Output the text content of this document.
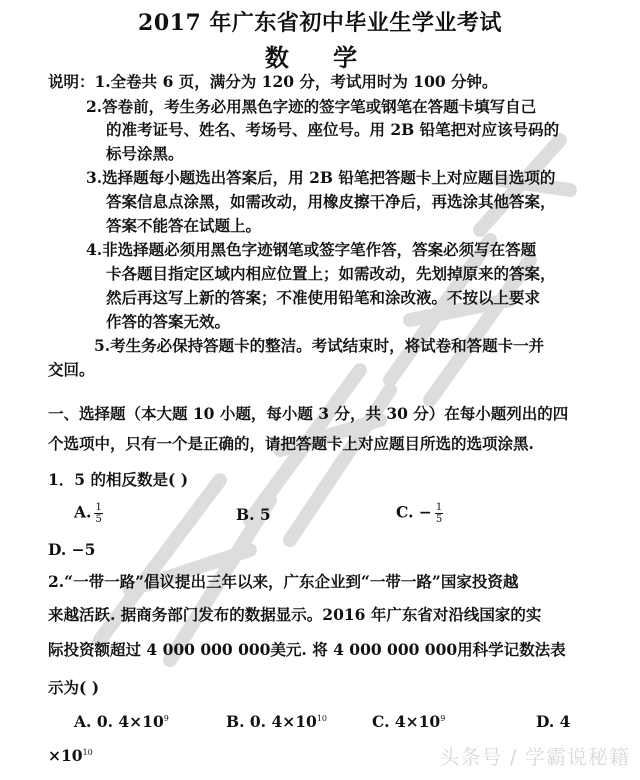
2017 年广东省初中毕业生学业考试
数 学
说明：1.全卷共 6 页，满分为 120 分，考试用时为 100 分钟。
2.答卷前，考生务必用黑色字迹的签字笔或钢笔在答题卡填写自己
的准考证号、姓名、考场号、座位号。用 2B 铅笔把对应该号码的
标号涂黑。
3.选择题每小题选出答案后，用 2B 铅笔把答题卡上对应题目选项的
答案信息点涂黑，如需改动，用橡皮擦干净后，再选涂其他答案，
答案不能答在试题上。
4.非选择题必须用黑色字迹钢笔或签字笔作答，答案必须写在答题
卡各题目指定区域内相应位置上；如需改动，先划掉原来的答案，
然后再这写上新的答案；不准使用铅笔和涂改液。不按以上要求
作答的答案无效。
5.考生务必保持答题卡的整洁。考试结束时，将试卷和答题卡一并
交回。
一、选择题（本大题 10 小题，每小题 3 分，共 30 分）在每小题列出的四
个选项中，只有一个是正确的，请把答题卡上对应题目所选的选项涂黑.
1．5 的相反数是( )
A. $\frac{1}{5}$	B. 5	C. − $\frac{1}{5}$
D. −5
2.“一带一路”倡议提出三年以来，广东企业到“一带一路”国家投资越
来越活跃. 据商务部门发布的数据显示。2016 年广东省对沿线国家的实
际投资额超过 4 000 000 000美元. 将 4 000 000 000用科学记数法表
示为( )
A. 0. $4\times 10^9$	B. 0. $4\times 10^{10}$	C. $4\times 10^9$	D. 4
$\times 10^{10}$	头条号 / 学霸说秘籍
